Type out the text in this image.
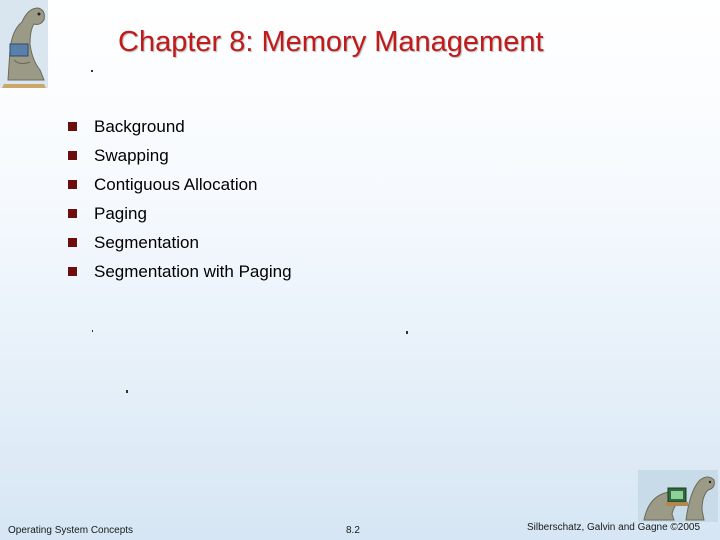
Chapter 8: Memory Management
Background
Swapping
Contiguous Allocation
Paging
Segmentation
Segmentation with Paging
Operating System Concepts	8.2	Silberschatz, Galvin and Gagne ©2005
